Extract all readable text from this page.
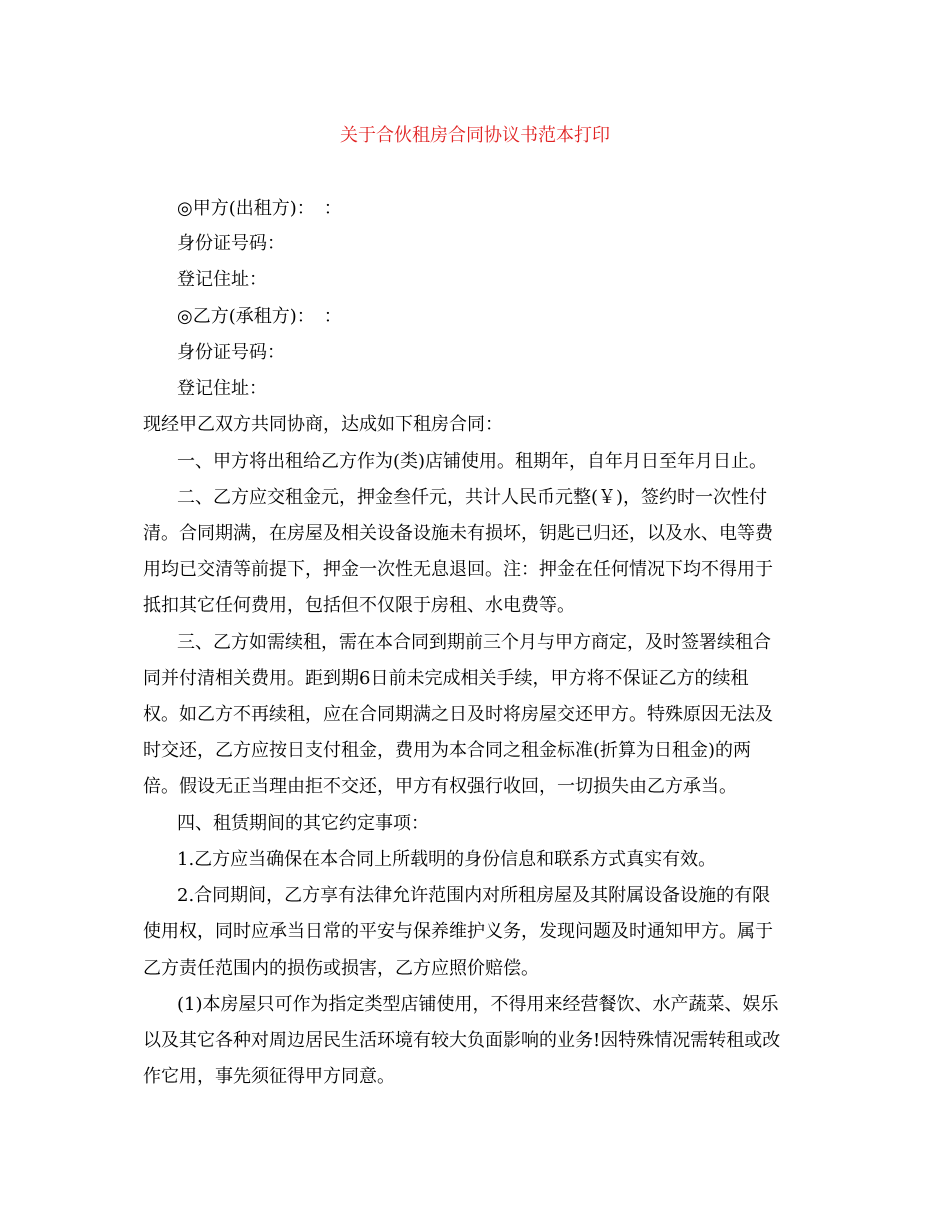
关于合伙租房合同协议书范本打印
◎甲方(出租方)：　：
身份证号码：
登记住址：
◎乙方(承租方)：　：
身份证号码：
登记住址：
现经甲乙双方共同协商，达成如下租房合同：
一、甲方将出租给乙方作为(类)店铺使用。租期年，自年月日至年月日止。
二、乙方应交租金元，押金叁仟元，共计人民币元整(￥)，签约时一次性付
清。合同期满，在房屋及相关设备设施未有损坏，钥匙已归还，以及水、电等费
用均已交清等前提下，押金一次性无息退回。注：押金在任何情况下均不得用于
抵扣其它任何费用，包括但不仅限于房租、水电费等。
三、乙方如需续租，需在本合同到期前三个月与甲方商定，及时签署续租合
同并付清相关费用。距到期6日前未完成相关手续，甲方将不保证乙方的续租
权。如乙方不再续租，应在合同期满之日及时将房屋交还甲方。特殊原因无法及
时交还，乙方应按日支付租金，费用为本合同之租金标准(折算为日租金)的两
倍。假设无正当理由拒不交还，甲方有权强行收回，一切损失由乙方承当。
四、租赁期间的其它约定事项：
1.乙方应当确保在本合同上所载明的身份信息和联系方式真实有效。
2.合同期间，乙方享有法律允许范围内对所租房屋及其附属设备设施的有限
使用权，同时应承当日常的平安与保养维护义务，发现问题及时通知甲方。属于
乙方责任范围内的损伤或损害，乙方应照价赔偿。
(1)本房屋只可作为指定类型店铺使用，不得用来经营餐饮、水产蔬菜、娱乐
以及其它各种对周边居民生活环境有较大负面影响的业务!因特殊情况需转租或改
作它用，事先须征得甲方同意。
